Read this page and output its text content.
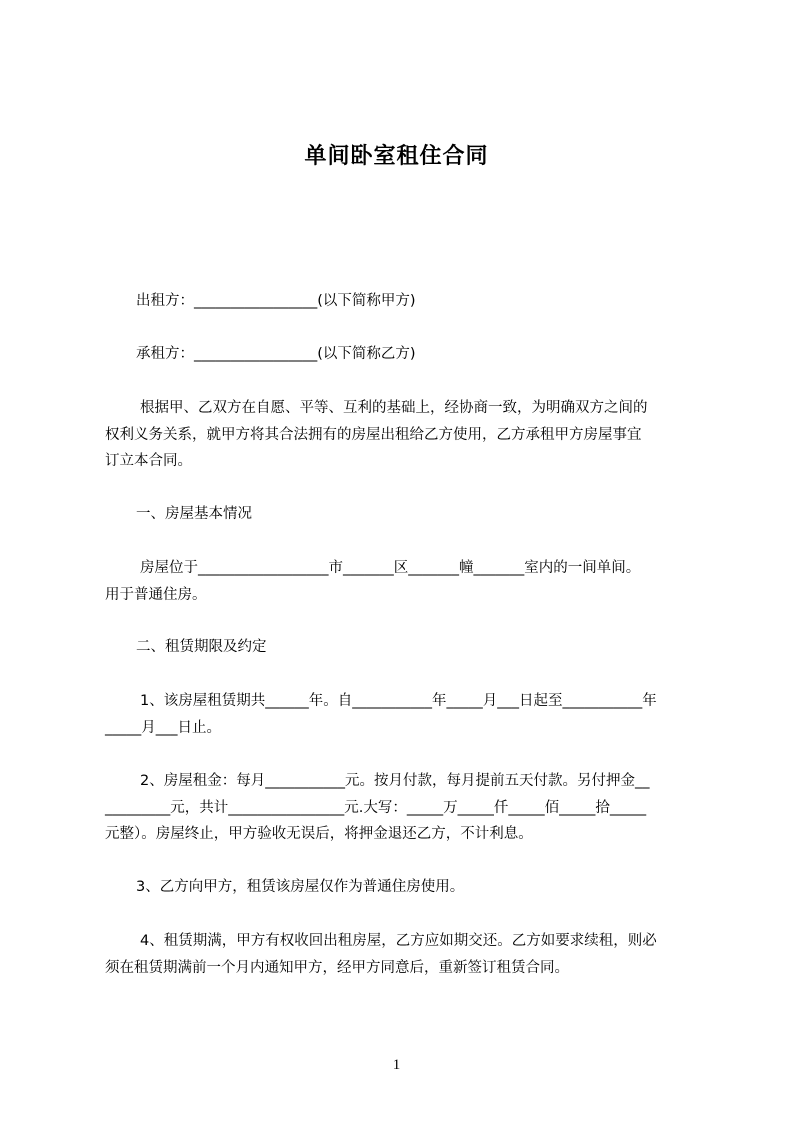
单间卧室租住合同
出租方：_________________(以下简称甲方)
承租方：_________________(以下简称乙方)
根据甲、乙双方在自愿、平等、互利的基础上，经协商一致，为明确双方之间的
权利义务关系，就甲方将其合法拥有的房屋出租给乙方使用，乙方承租甲方房屋事宜
订立本合同。
一、房屋基本情况
房屋位于__________________市_______区_______幢_______室内的一间单间。
用于普通住房。
二、租赁期限及约定
1、该房屋租赁期共______年。自___________年_____月___日起至___________年
_____月___日止。
2、房屋租金：每月___________元。按月付款，每月提前五天付款。另付押金__
_________元，共计________________元.大写：_____万_____仟_____佰_____拾_____
元整）。房屋终止，甲方验收无误后，将押金退还乙方，不计利息。
3、乙方向甲方，租赁该房屋仅作为普通住房使用。
4、租赁期满，甲方有权收回出租房屋，乙方应如期交还。乙方如要求续租，则必
须在租赁期满前一个月内通知甲方，经甲方同意后，重新签订租赁合同。
1
